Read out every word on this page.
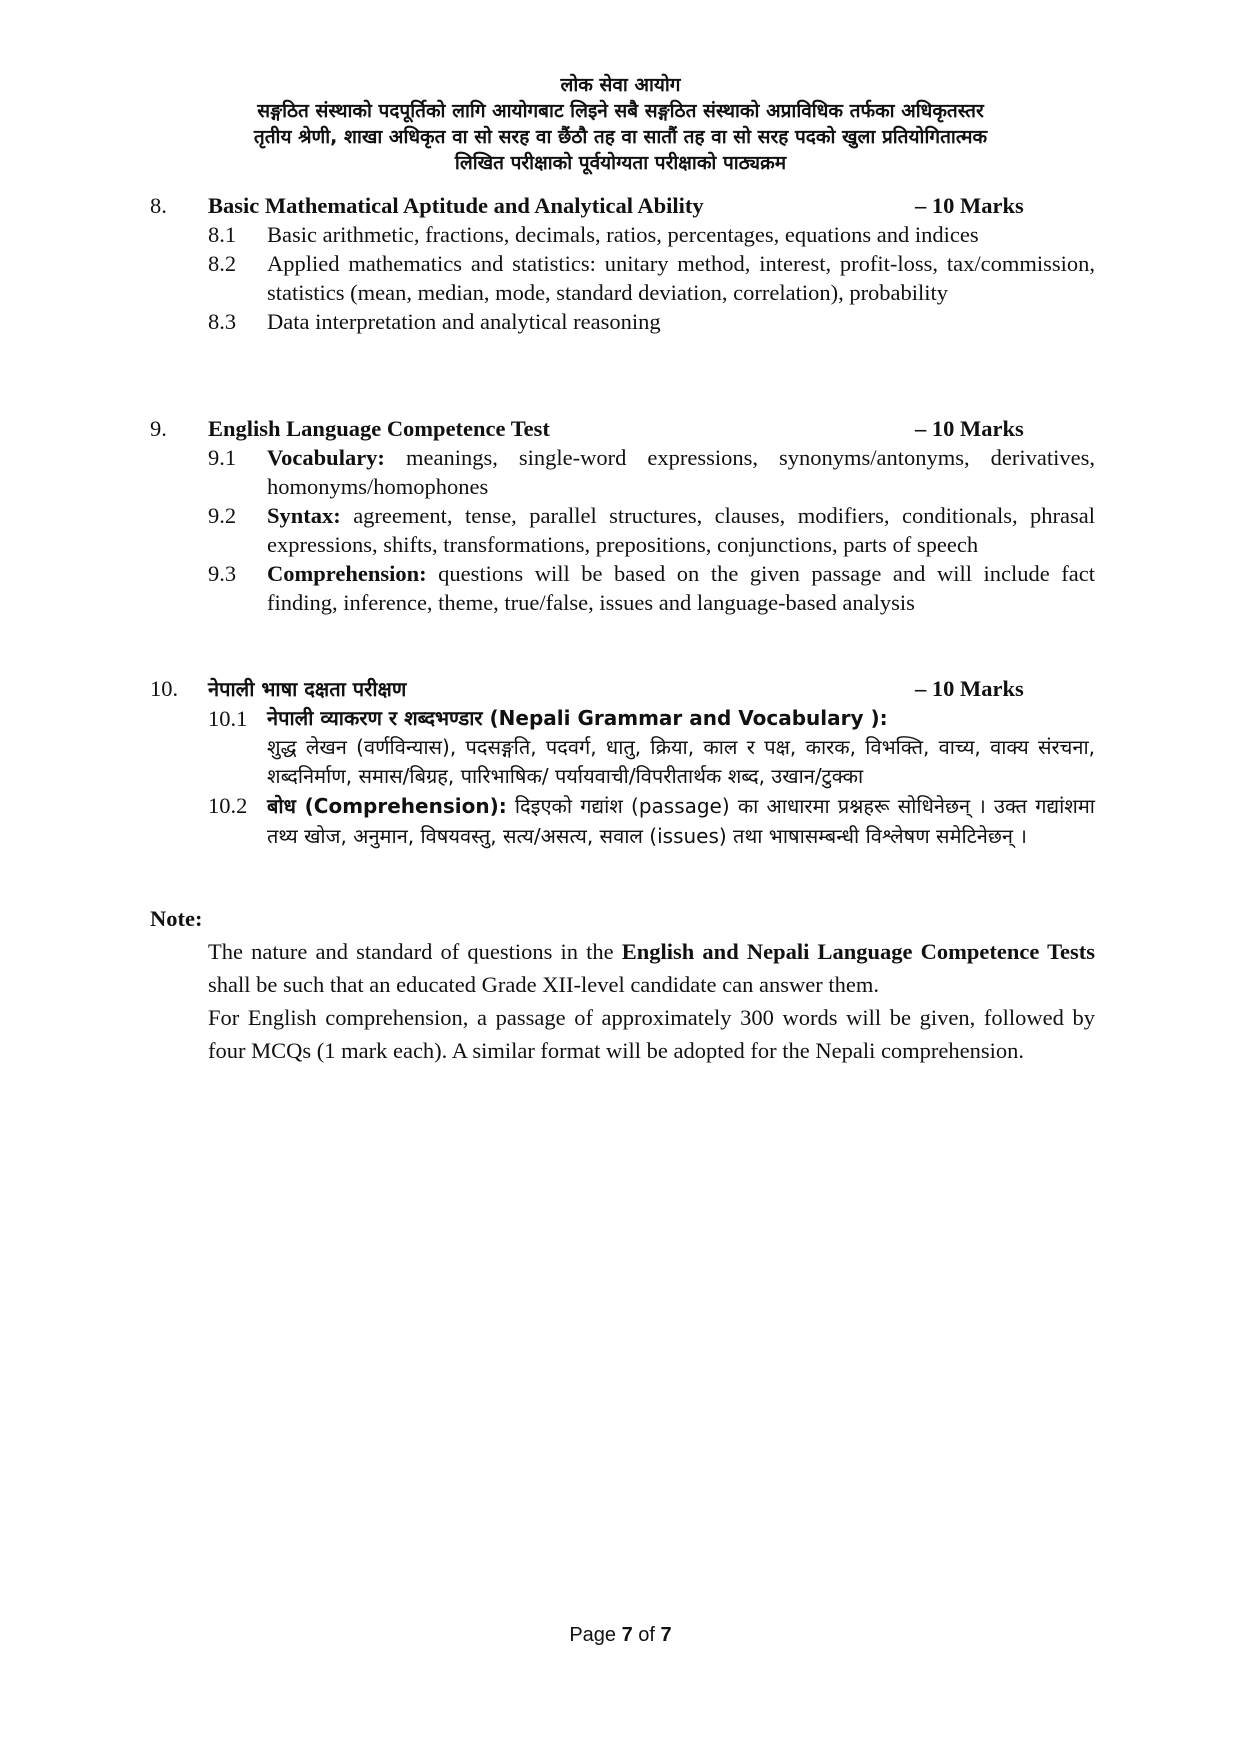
लोक सेवा आयोग
सङ्गठित संस्थाको पदपूर्तिको लागि आयोगबाट लिइने सबै सङ्गठित संस्थाको अप्राविधिक तर्फका अधिकृतस्तर
तृतीय श्रेणी, शाखा अधिकृत वा सो सरह वा छैंठौ तह वा सातौं तह वा सो सरह पदको खुला प्रतियोगितात्मक
लिखित परीक्षाको पूर्वयोग्यता परीक्षाको पाठ्यक्रम
8.	Basic Mathematical Aptitude and Analytical Ability	– 10 Marks
8.1	Basic arithmetic, fractions, decimals, ratios, percentages, equations and indices
8.2	Applied mathematics and statistics: unitary method, interest, profit-loss, tax/commission, statistics (mean, median, mode, standard deviation, correlation), probability
8.3	Data interpretation and analytical reasoning
9.	English Language Competence Test	– 10 Marks
9.1	Vocabulary: meanings, single-word expressions, synonyms/antonyms, derivatives, homonyms/homophones
9.2	Syntax: agreement, tense, parallel structures, clauses, modifiers, conditionals, phrasal expressions, shifts, transformations, prepositions, conjunctions, parts of speech
9.3	Comprehension: questions will be based on the given passage and will include fact finding, inference, theme, true/false, issues and language-based analysis
10.	नेपाली भाषा दक्षता परीक्षण	– 10 Marks
10.1 नेपाली व्याकरण र शब्दभण्डार (Nepali Grammar and Vocabulary ):
शुद्ध लेखन (वर्णविन्यास), पदसङ्गति, पदवर्ग, धातु, क्रिया, काल र पक्ष, कारक, विभक्ति, वाच्य, वाक्य संरचना, शब्दनिर्माण, समास/बिग्रह, पारिभाषिक/ पर्यायवाची/विपरीतार्थक शब्द, उखान/टुक्का
10.2 बोध (Comprehension): दिइएको गद्यांश (passage) का आधारमा प्रश्नहरू सोधिनेछन् । उक्त गद्यांशमा तथ्य खोज, अनुमान, विषयवस्तु, सत्य/असत्य, सवाल (issues) तथा भाषासम्बन्धी विश्लेषण समेटिनेछन् ।
Note:

The nature and standard of questions in the English and Nepali Language Competence Tests shall be such that an educated Grade XII-level candidate can answer them.

For English comprehension, a passage of approximately 300 words will be given, followed by four MCQs (1 mark each). A similar format will be adopted for the Nepali comprehension.

Page 7 of 7
